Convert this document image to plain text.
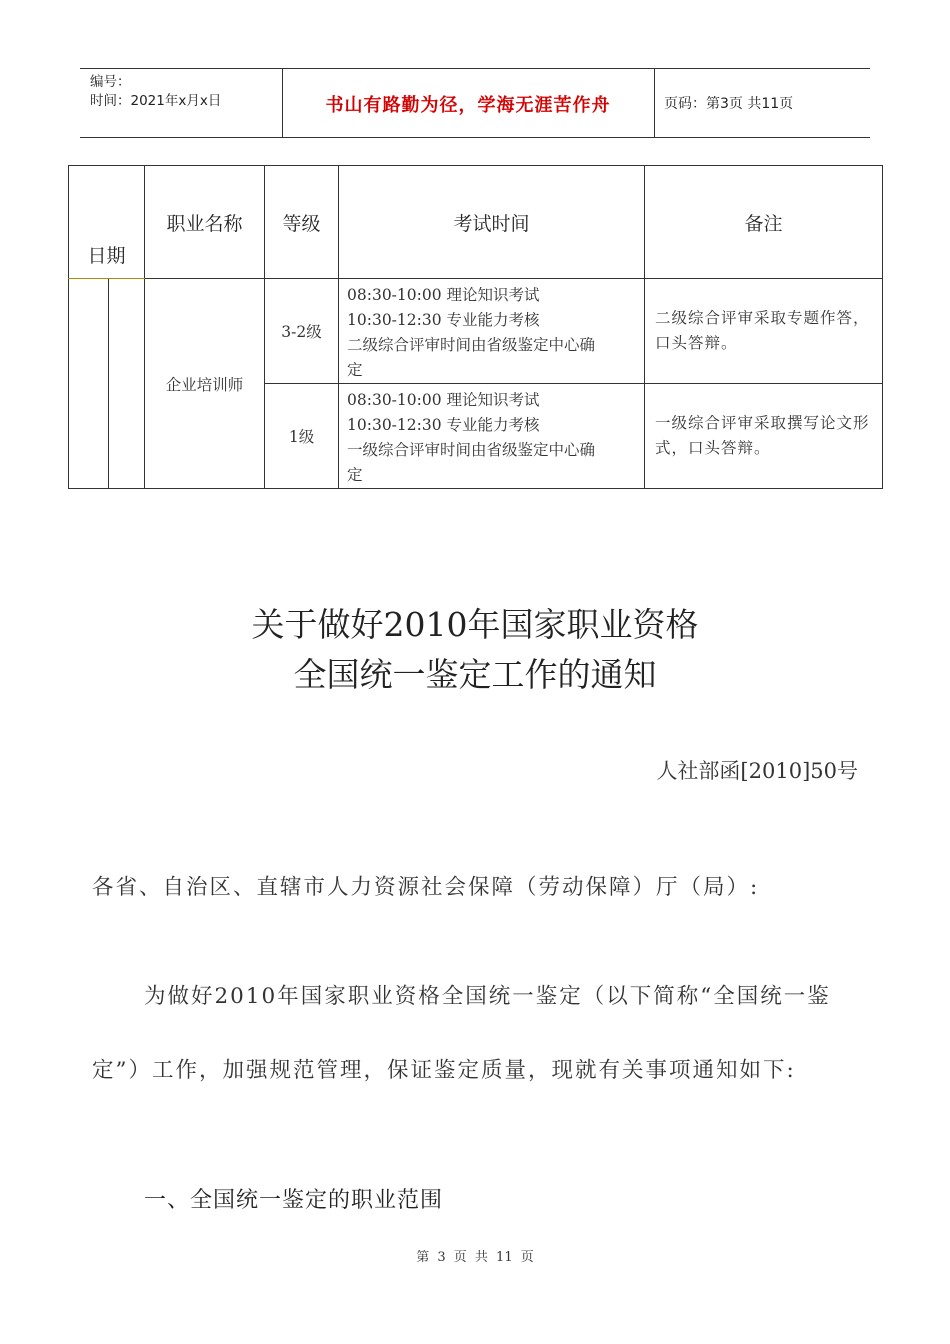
编号：
时间：2021年x月x日	书山有路勤为径，学海无涯苦作舟	页码：第3页 共11页
日期		职业名称	等级	考试时间	备注
		企业培训师	3-2级	08:30-10:00 理论知识考试
10:30-12:30 专业能力考核
二级综合评审时间由省级鉴定中心确
定	二级综合评审采取专题作答，口头答辩。
			1级	08:30-10:00 理论知识考试
10:30-12:30 专业能力考核
一级综合评审时间由省级鉴定中心确
定	一级综合评审采取撰写论文形式，口头答辩。
关于做好2010年国家职业资格
全国统一鉴定工作的通知
人社部函[2010]50号
各省、自治区、直辖市人力资源社会保障（劳动保障）厅（局）:
为做好2010年国家职业资格全国统一鉴定（以下简称“全国统一鉴定”）工作，加强规范管理，保证鉴定质量，现就有关事项通知如下:
一、全国统一鉴定的职业范围
第 3 页 共 11 页
